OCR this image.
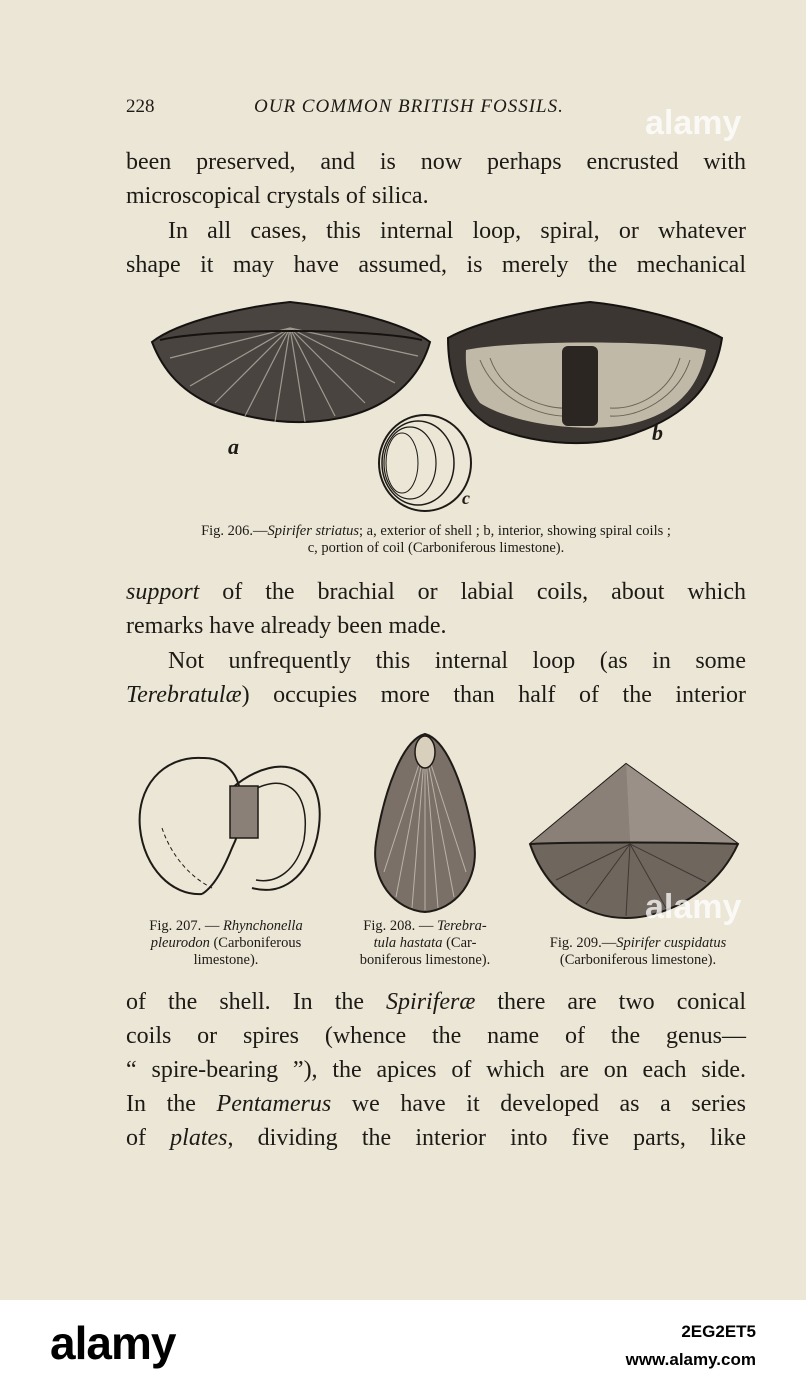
228	OUR COMMON BRITISH FOSSILS.

been preserved, and is now perhaps encrusted with
microscopical crystals of silica.

In all cases, this internal loop, spiral, or whatever
shape it may have assumed, is merely the mechanical

a
b
c
Fig. 206.—Spirifer striatus; a, exterior of shell ; b, interior, showing spiral coils ;
c, portion of coil (Carboniferous limestone).

support of the brachial or labial coils, about which
remarks have already been made.

Not unfrequently this internal loop (as in some
Terebratulæ) occupies more than half of the interior

Fig. 207. — Rhynchonella
pleurodon (Carboniferous
limestone).
Fig. 208. — Terebra-
tula hastata (Car-
boniferous limestone).
Fig. 209.—Spirifer cuspidatus
(Carboniferous limestone).

of the shell. In the Spiriferæ there are two conical
coils or spires (whence the name of the genus—
“ spire-bearing ”), the apices of which are on each side.
In the Pentamerus we have it developed as a series
of plates, dividing the interior into five parts, like

alamy
alamy
alamy	2EG2ET5
www.alamy.com
